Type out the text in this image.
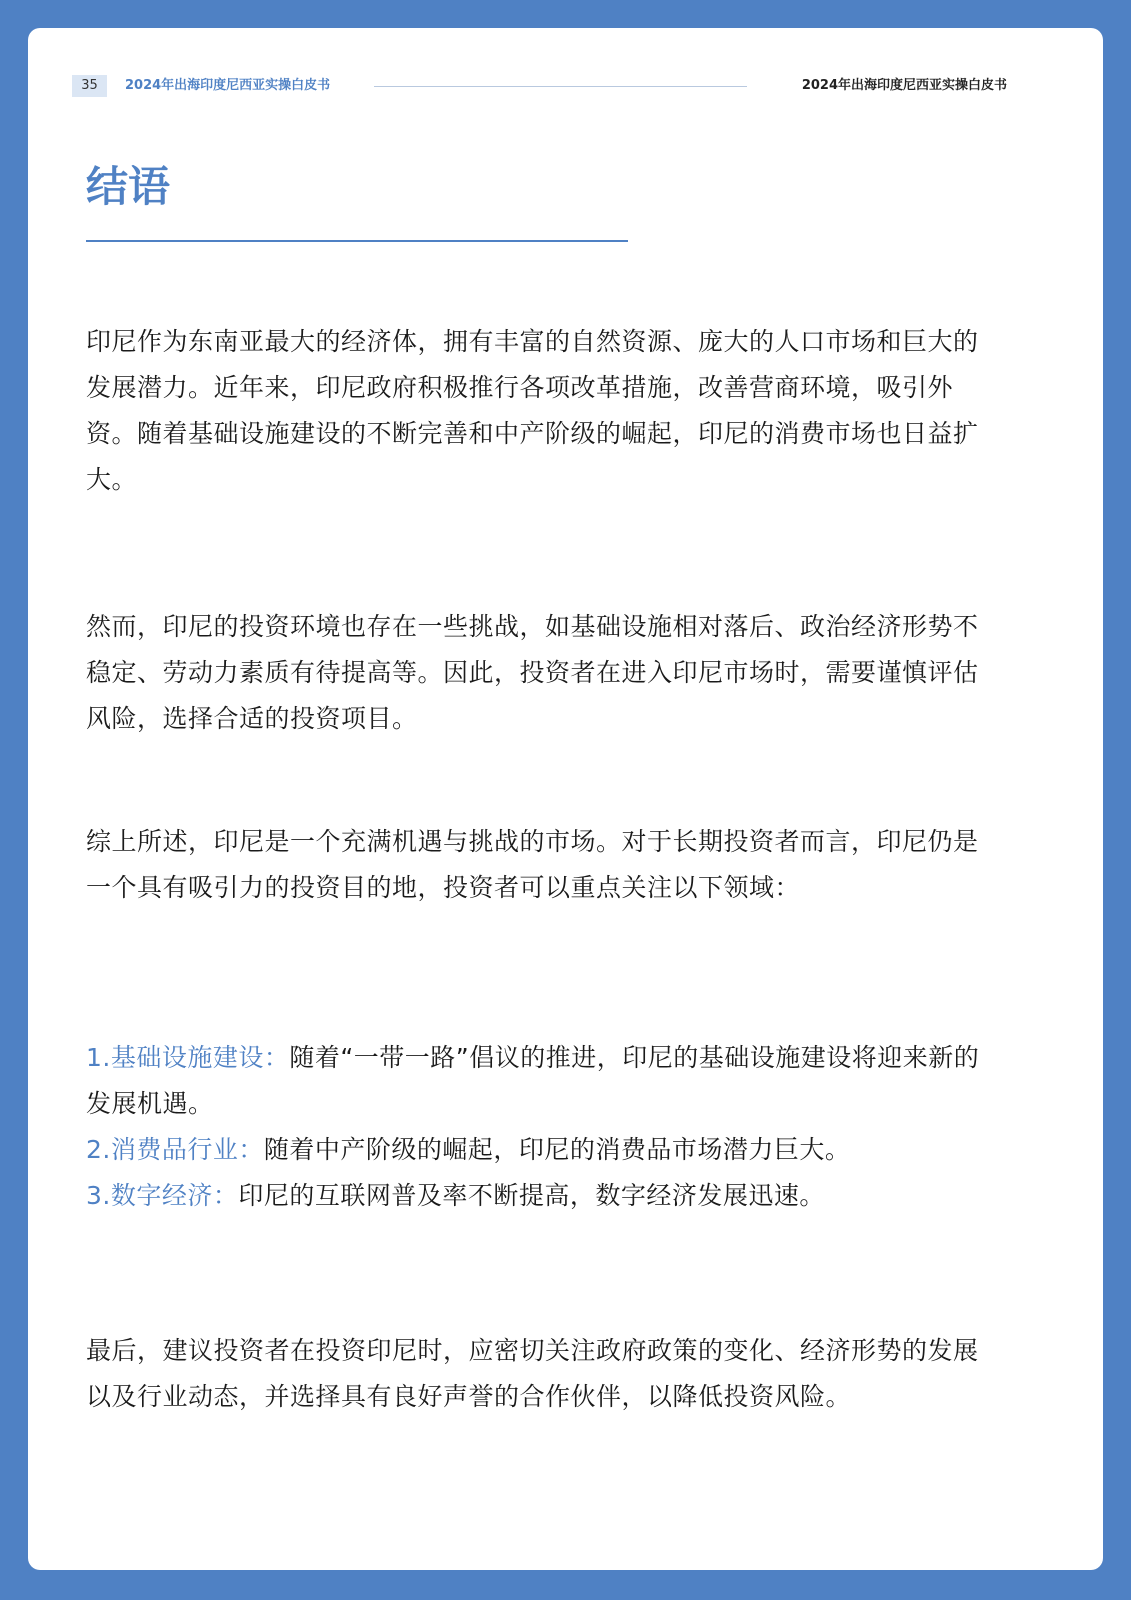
35	2024年出海印度尼西亚实操白皮书	2024年出海印度尼西亚实操白皮书
结语

印尼作为东南亚最大的经济体，拥有丰富的自然资源、庞大的人口市场和巨大的发展潜力。近年来，印尼政府积极推行各项改革措施，改善营商环境，吸引外资。随着基础设施建设的不断完善和中产阶级的崛起，印尼的消费市场也日益扩大。

然而，印尼的投资环境也存在一些挑战，如基础设施相对落后、政治经济形势不稳定、劳动力素质有待提高等。因此，投资者在进入印尼市场时，需要谨慎评估风险，选择合适的投资项目。

综上所述，印尼是一个充满机遇与挑战的市场。对于长期投资者而言，印尼仍是一个具有吸引力的投资目的地，投资者可以重点关注以下领域：

1.基础设施建设：随着“一带一路”倡议的推进，印尼的基础设施建设将迎来新的发展机遇。
2.消费品行业：随着中产阶级的崛起，印尼的消费品市场潜力巨大。
3.数字经济：印尼的互联网普及率不断提高，数字经济发展迅速。

最后，建议投资者在投资印尼时，应密切关注政府政策的变化、经济形势的发展以及行业动态，并选择具有良好声誉的合作伙伴，以降低投资风险。
